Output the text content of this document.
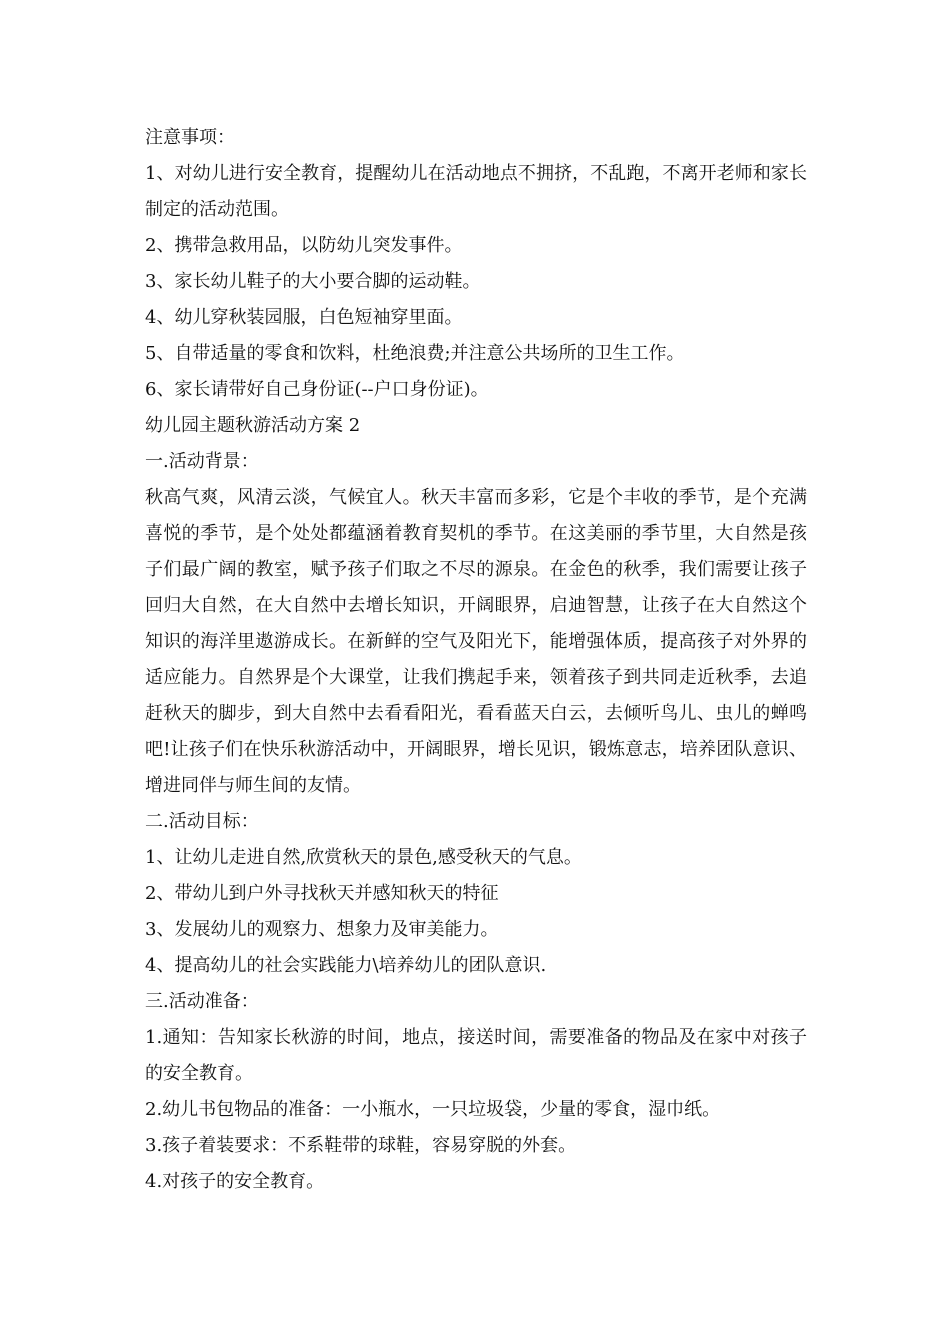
注意事项：

1、对幼儿进行安全教育，提醒幼儿在活动地点不拥挤，不乱跑，不离开老师和家长制定的活动范围。

2、携带急救用品，以防幼儿突发事件。

3、家长幼儿鞋子的大小要合脚的运动鞋。

4、幼儿穿秋装园服，白色短袖穿里面。

5、自带适量的零食和饮料，杜绝浪费;并注意公共场所的卫生工作。

6、家长请带好自己身份证(--户口身份证)。

幼儿园主题秋游活动方案 2

一.活动背景：

秋高气爽，风清云淡，气候宜人。秋天丰富而多彩，它是个丰收的季节，是个充满喜悦的季节，是个处处都蕴涵着教育契机的季节。在这美丽的季节里，大自然是孩子们最广阔的教室，赋予孩子们取之不尽的源泉。在金色的秋季，我们需要让孩子回归大自然，在大自然中去增长知识，开阔眼界，启迪智慧，让孩子在大自然这个知识的海洋里遨游成长。在新鲜的空气及阳光下，能增强体质，提高孩子对外界的适应能力。自然界是个大课堂，让我们携起手来，领着孩子到共同走近秋季，去追赶秋天的脚步，到大自然中去看看阳光，看看蓝天白云，去倾听鸟儿、虫儿的蝉鸣吧!让孩子们在快乐秋游活动中，开阔眼界，增长见识，锻炼意志，培养团队意识、增进同伴与师生间的友情。

二.活动目标：

1、让幼儿走进自然,欣赏秋天的景色,感受秋天的气息。

2、带幼儿到户外寻找秋天并感知秋天的特征

3、发展幼儿的观察力、想象力及审美能力。

4、提高幼儿的社会实践能力\培养幼儿的团队意识.

三.活动准备：

1.通知：告知家长秋游的时间，地点，接送时间，需要准备的物品及在家中对孩子的安全教育。

2.幼儿书包物品的准备：一小瓶水，一只垃圾袋，少量的零食，湿巾纸。

3.孩子着装要求：不系鞋带的球鞋，容易穿脱的外套。

4.对孩子的安全教育。
